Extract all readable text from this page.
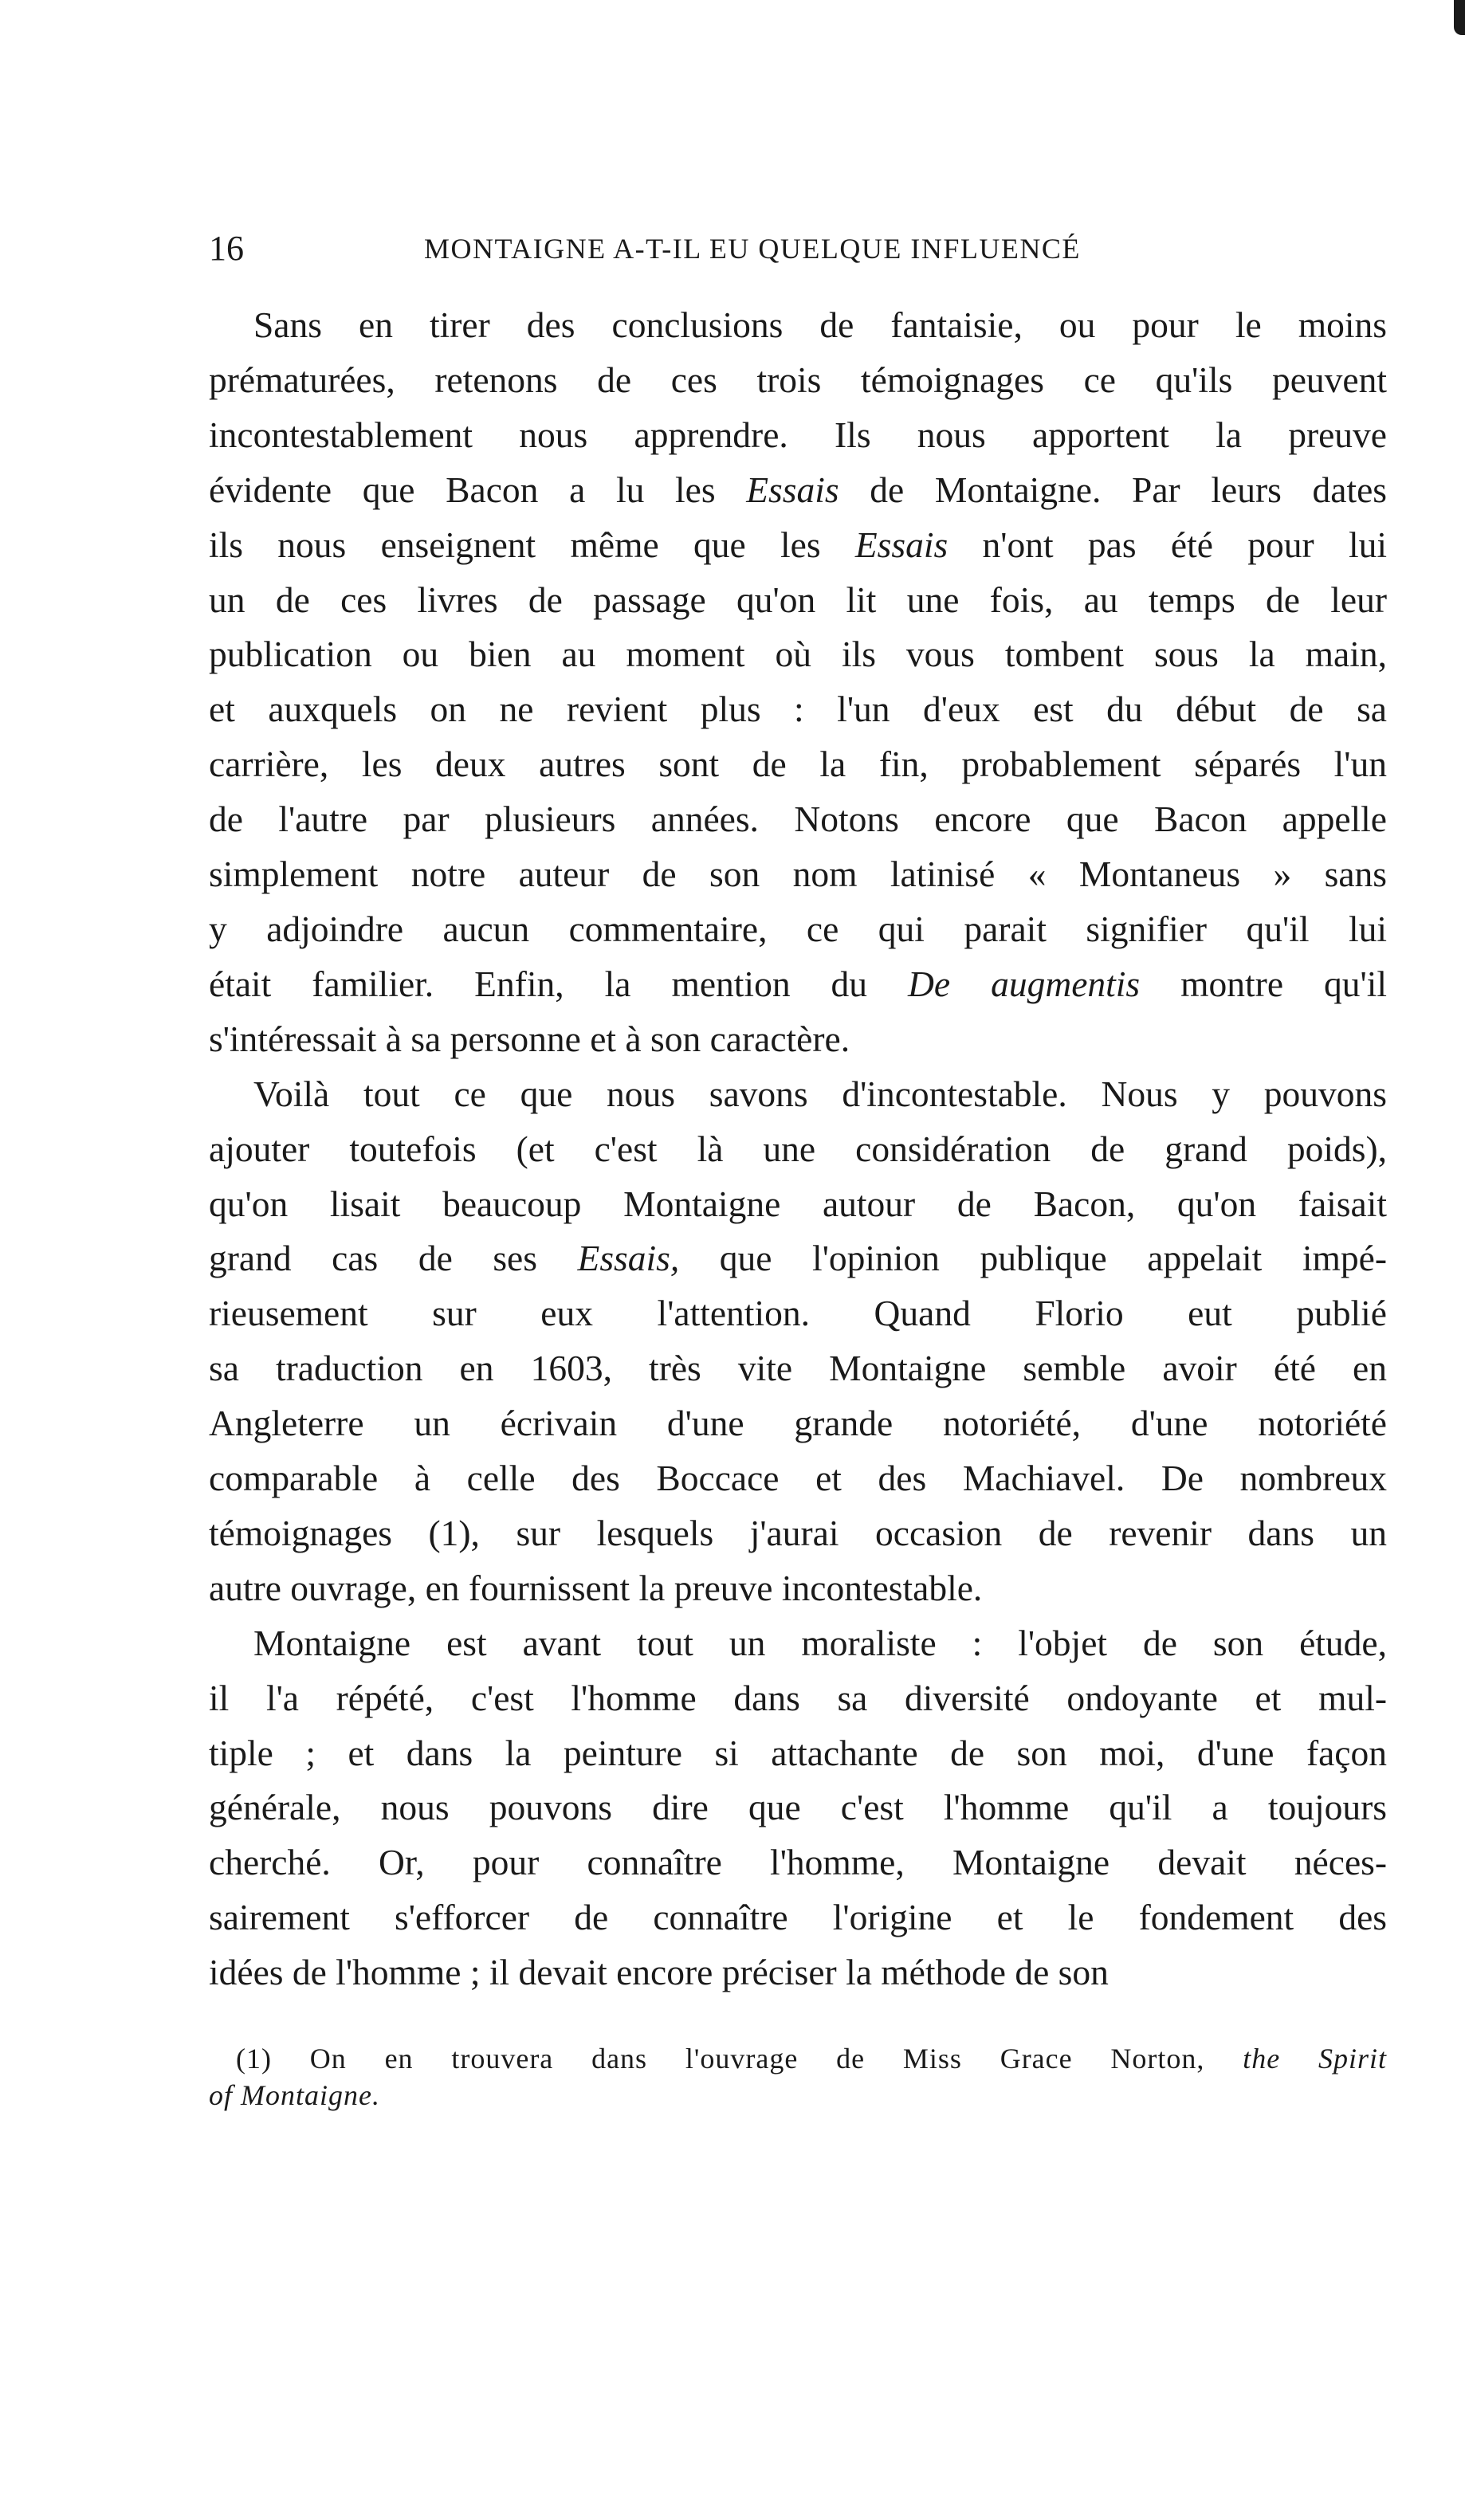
16	MONTAIGNE A-T-IL EU QUELQUE INFLUENCÉ

Sans en tirer des conclusions de fantaisie, ou pour le moins
prématurées, retenons de ces trois témoignages ce qu'ils peuvent
incontestablement nous apprendre. Ils nous apportent la preuve
évidente que Bacon a lu les Essais de Montaigne. Par leurs dates
ils nous enseignent même que les Essais n'ont pas été pour lui
un de ces livres de passage qu'on lit une fois, au temps de leur
publication ou bien au moment où ils vous tombent sous la main,
et auxquels on ne revient plus : l'un d'eux est du début de sa
carrière, les deux autres sont de la fin, probablement séparés l'un
de l'autre par plusieurs années. Notons encore que Bacon appelle
simplement notre auteur de son nom latinisé « Montaneus » sans
y adjoindre aucun commentaire, ce qui parait signifier qu'il lui
était familier. Enfin, la mention du De augmentis montre qu'il
s'intéressait à sa personne et à son caractère.

Voilà tout ce que nous savons d'incontestable. Nous y pouvons
ajouter toutefois (et c'est là une considération de grand poids),
qu'on lisait beaucoup Montaigne autour de Bacon, qu'on faisait
grand cas de ses Essais, que l'opinion publique appelait impé-
rieusement sur eux l'attention. Quand Florio eut publié
sa traduction en 1603, très vite Montaigne semble avoir été en
Angleterre un écrivain d'une grande notoriété, d'une notoriété
comparable à celle des Boccace et des Machiavel. De nombreux
témoignages (1), sur lesquels j'aurai occasion de revenir dans un
autre ouvrage, en fournissent la preuve incontestable.

Montaigne est avant tout un moraliste : l'objet de son étude,
il l'a répété, c'est l'homme dans sa diversité ondoyante et mul-
tiple ; et dans la peinture si attachante de son moi, d'une façon
générale, nous pouvons dire que c'est l'homme qu'il a toujours
cherché. Or, pour connaître l'homme, Montaigne devait néces-
sairement s'efforcer de connaître l'origine et le fondement des
idées de l'homme ; il devait encore préciser la méthode de son

(1) On en trouvera dans l'ouvrage de Miss Grace Norton, the Spirit
of Montaigne.
